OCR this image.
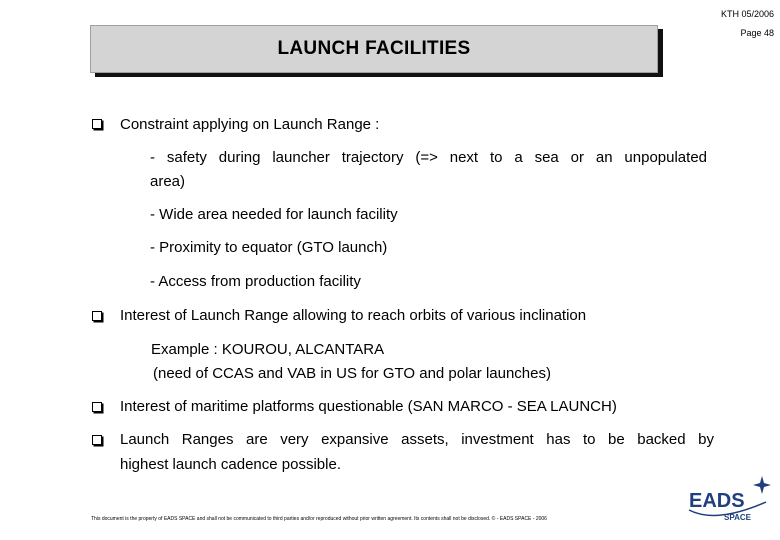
KTH 05/2006
Page 48
LAUNCH FACILITIES
Constraint applying on Launch Range :
- safety during launcher trajectory (=> next to a sea or an unpopulated
area)
- Wide area needed for launch facility
- Proximity to equator (GTO launch)
- Access from production facility
Interest of Launch Range allowing to reach orbits of various inclination
Example : KOUROU, ALCANTARA
(need of CCAS and VAB in US for GTO and polar launches)
Interest of maritime platforms questionable (SAN MARCO - SEA LAUNCH)
Launch Ranges are very expansive assets, investment has to be backed by
highest launch cadence possible.
This document is the property of EADS SPACE and shall not be communicated to third parties and/or reproduced without prior written agreement. Its contents shall not be disclosed. © - EADS SPACE - 2006
EADS
SPACE
